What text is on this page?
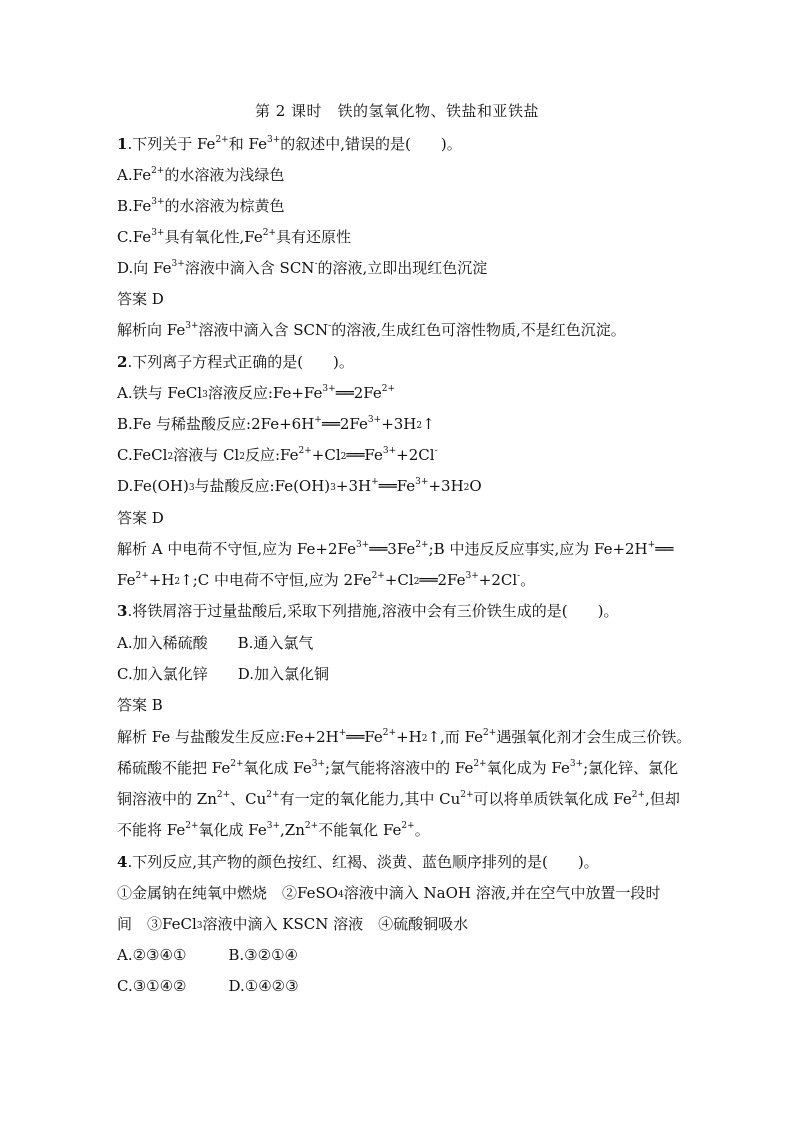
第 2 课时　铁的氢氧化物、铁盐和亚铁盐
1.下列关于 $Fe^{2+}$和 $Fe^{3+}$的叙述中,错误的是(　　)。
$A.Fe^{2+}$的水溶液为浅绿色
$B.Fe^{3+}$的水溶液为棕黄色
$C.Fe^{3+}$具有氧化性$,Fe^{2+}$具有还原性
D.向 $Fe^{3+}$溶液中滴入含 SCN-的溶液,立即出现红色沉淀
答案 D
解析向 $Fe^{3+}$溶液中滴入含 SCN-的溶液,生成红色可溶性物质,不是红色沉淀。
2.下列离子方程式正确的是(　　)。
A.铁与 FeCl$_3$溶液反应$:Fe+Fe^{3+}══2Fe^{2+}$
B.Fe 与稀盐酸反应$:2Fe+6H^+══2Fe^{3+}+3H_2↑$
C.FeCl$_2$溶液与 $Cl_2$反应$:Fe^{2+}+Cl_2══Fe^{3+}+2Cl^-$
$D.Fe(OH)_3$与盐酸反应$:Fe(OH)_3+3H^+══Fe^{3+}+3H_2O$
答案 D
解析 A 中电荷不守恒,应为 $Fe+2Fe^{3+}══3Fe^{2+};B$ 中违反反应事实,应为 Fe+2H+══
$Fe^{2+}+H_2↑;C$ 中电荷不守恒,应为 $2Fe^{2+}+Cl_2══2Fe^{3+}+2Cl^-$。
3.将铁屑溶于过量盐酸后,采取下列措施,溶液中会有三价铁生成的是(　　)。
A.加入稀硫酸 B.通入氯气
C.加入氯化锌 D.加入氯化铜
答案 B
解析 Fe 与盐酸发生反应$:Fe+2H^+══Fe^{2+}+H_2↑$,而 $Fe^{2+}$遇强氧化剂才会生成三价铁。
稀硫酸不能把 $Fe^{2+}$氧化成 $Fe^{3+}$;氯气能将溶液中的 $Fe^{2+}$氧化成为 $Fe^{3+}$;氯化锌、氯化
铜溶液中的 $Zn^{2+}$、$Cu^{2+}$有一定的氧化能力,其中 $Cu^{2+}$可以将单质铁氧化成 $Fe^{2+}$,但却
不能将 $Fe^{2+}$氧化成 $Fe^{3+},Zn^{2+}$不能氧化 $Fe^{2+}$。
4.下列反应,其产物的颜色按红、红褐、淡黄、蓝色顺序排列的是(　　)。
①金属钠在纯氧中燃烧　②FeSO$_4$溶液中滴入 NaOH 溶液,并在空气中放置一段时
间　③FeCl$_3$溶液中滴入 KSCN 溶液　④硫酸铜吸水
A.②③④①	B.③②①④
C.③①④②	D.①④②③
